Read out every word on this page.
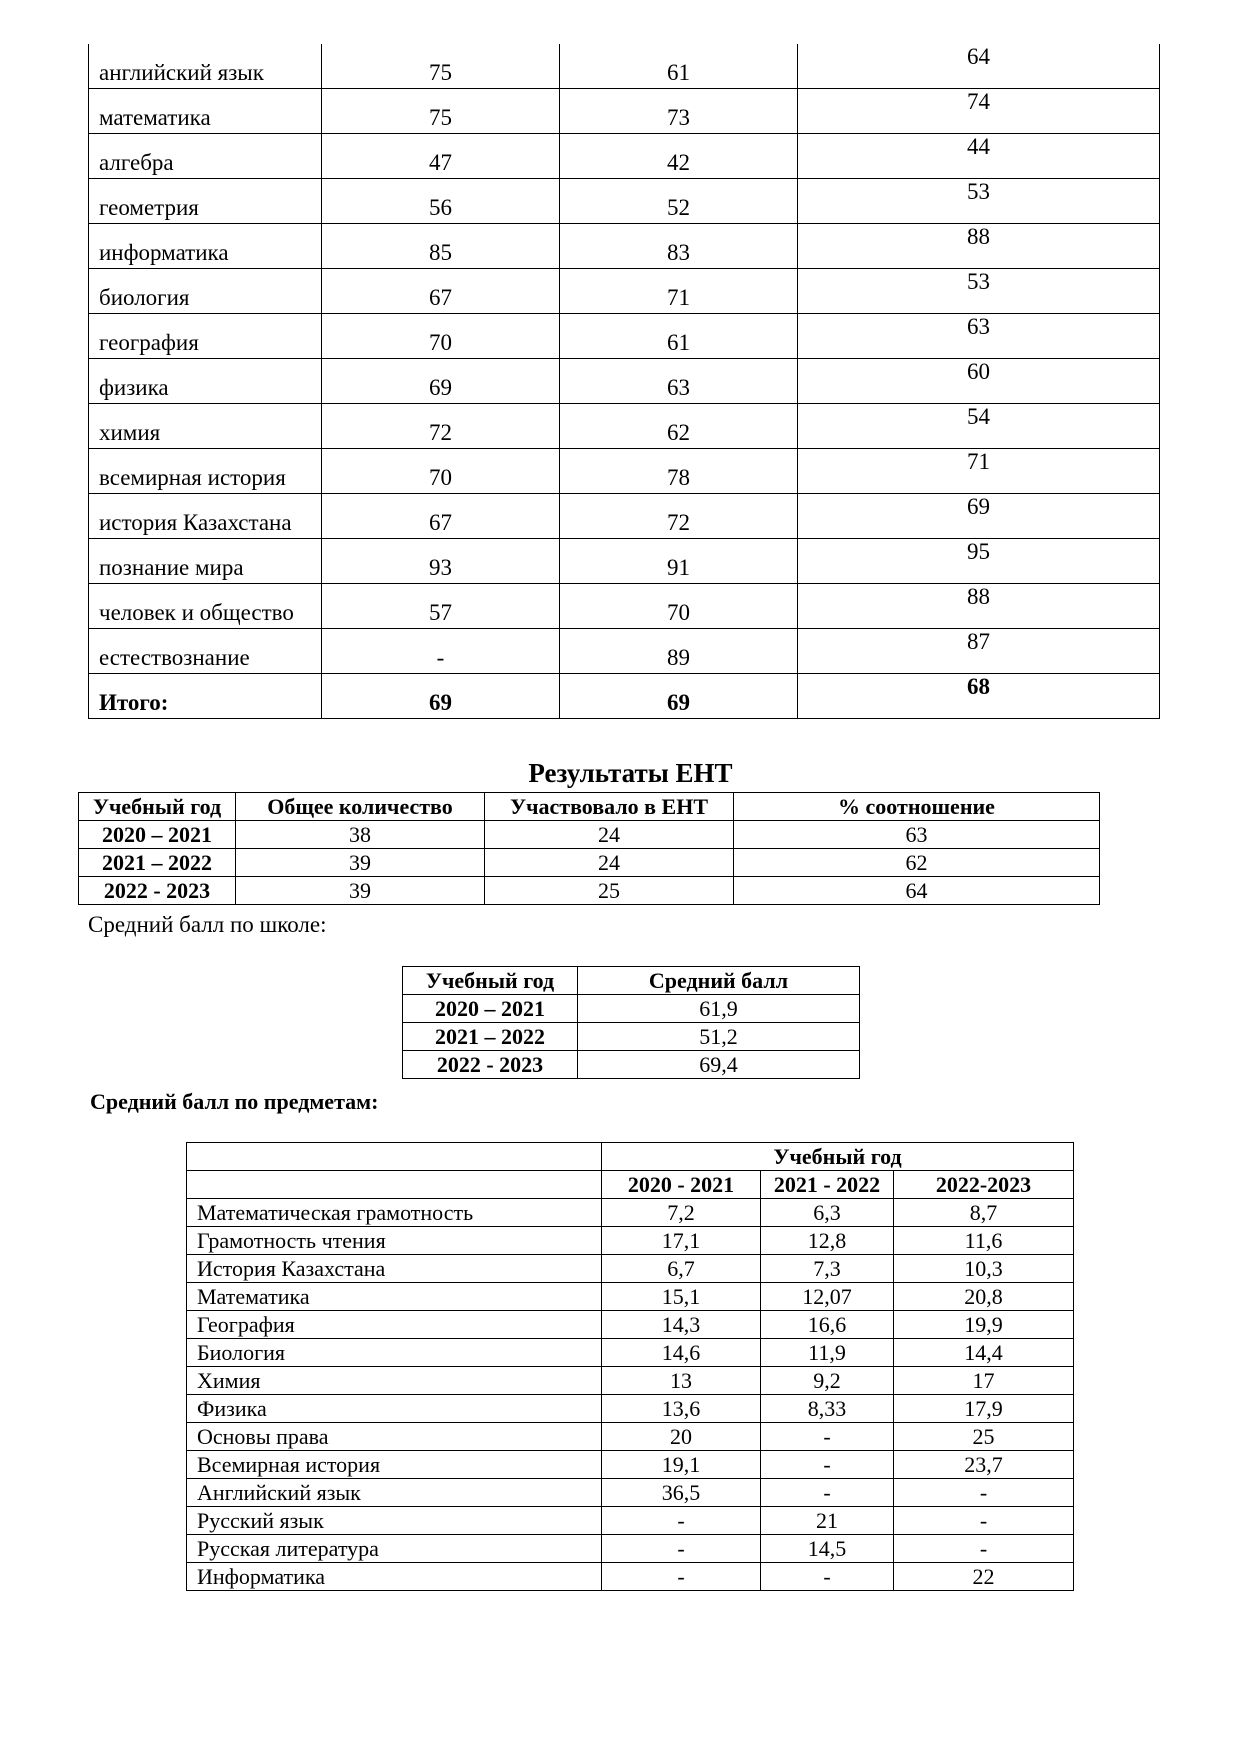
английский язык	75	61	64
математика	75	73	74
алгебра	47	42	44
геометрия	56	52	53
информатика	85	83	88
биология	67	71	53
география	70	61	63
физика	69	63	60
химия	72	62	54
всемирная история	70	78	71
история Казахстана	67	72	69
познание мира	93	91	95
человек и общество	57	70	88
естествознание	-	89	87
Итого:	69	69	68
Результаты ЕНТ
Учебный год	Общее количество	Участвовало в ЕНТ	% соотношение
2020 – 2021	38	24	63
2021 – 2022	39	24	62
2022 - 2023	39	25	64

Средний балл по школе:

Учебный год	Средний балл
2020 – 2021	61,9
2021 – 2022	51,2
2022 - 2023	69,4

Средний балл по предметам:

	Учебный год		
	2020 - 2021	2021 - 2022	2022-2023
Математическая грамотность	7,2	6,3	8,7
Грамотность чтения	17,1	12,8	11,6
История Казахстана	6,7	7,3	10,3
Математика	15,1	12,07	20,8
География	14,3	16,6	19,9
Биология	14,6	11,9	14,4
Химия	13	9,2	17
Физика	13,6	8,33	17,9
Основы права	20	-	25
Всемирная история	19,1	-	23,7
Английский язык	36,5	-	-
Русский язык	-	21	-
Русская литература	-	14,5	-
Информатика	-	-	22
